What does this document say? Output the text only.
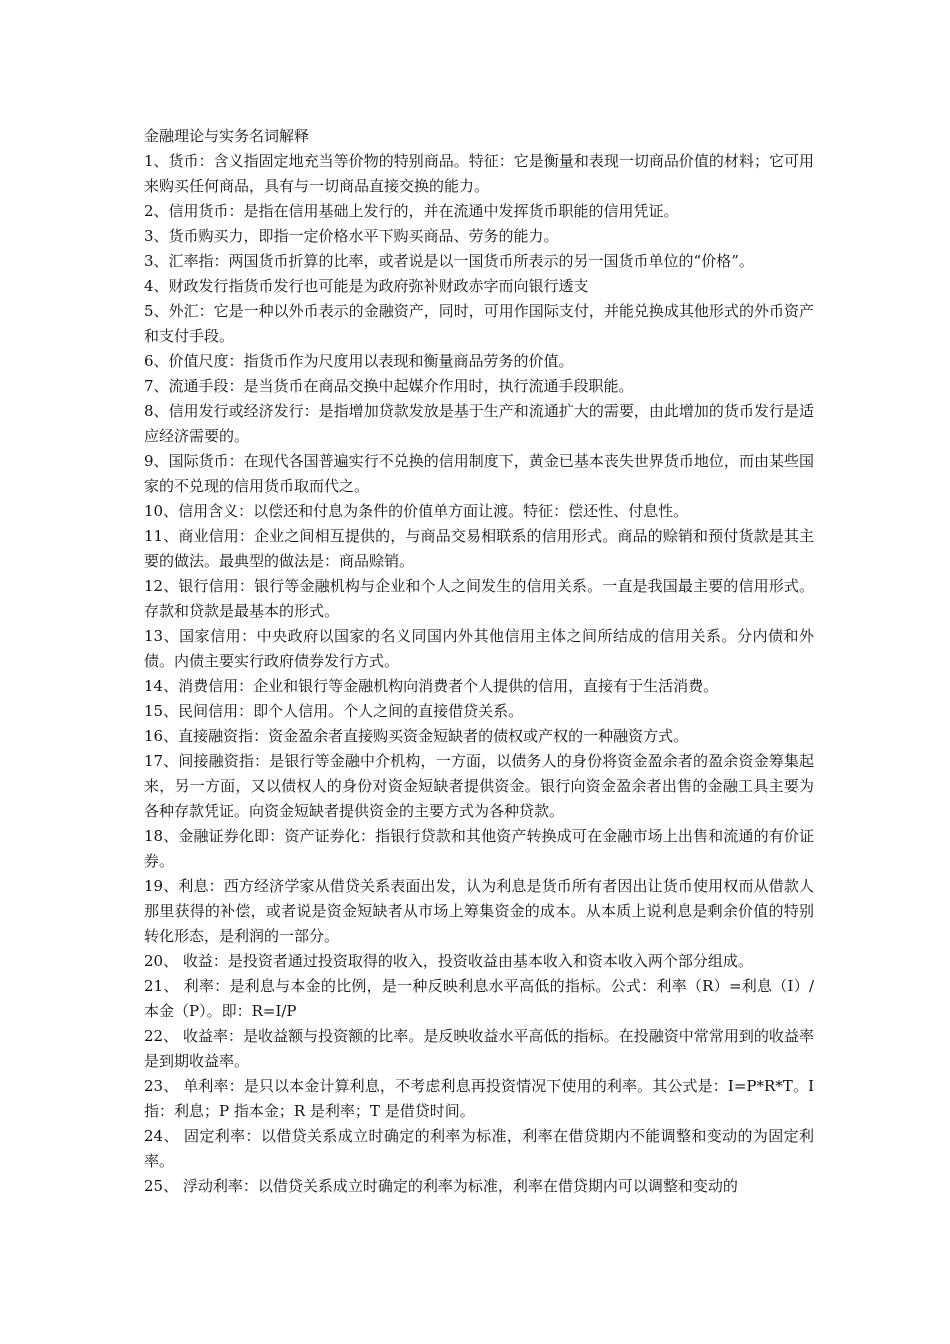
金融理论与实务名词解释

1、货币：含义指固定地充当等价物的特别商品。特征：它是衡量和表现一切商品价值的材料；它可用来购买任何商品，具有与一切商品直接交换的能力。

2、信用货币：是指在信用基础上发行的，并在流通中发挥货币职能的信用凭证。

3、货币购买力，即指一定价格水平下购买商品、劳务的能力。

3、汇率指：两国货币折算的比率，或者说是以一国货币所表示的另一国货币单位的“价格”。

4、财政发行指货币发行也可能是为政府弥补财政赤字而向银行透支

5、外汇：它是一种以外币表示的金融资产，同时，可用作国际支付，并能兑换成其他形式的外币资产和支付手段。

6、价值尺度：指货币作为尺度用以表现和衡量商品劳务的价值。

7、流通手段：是当货币在商品交换中起媒介作用时，执行流通手段职能。

8、信用发行或经济发行：是指增加贷款发放是基于生产和流通扩大的需要，由此增加的货币发行是适应经济需要的。

9、国际货币：在现代各国普遍实行不兑换的信用制度下，黄金已基本丧失世界货币地位，而由某些国家的不兑现的信用货币取而代之。

10、信用含义：以偿还和付息为条件的价值单方面让渡。特征：偿还性、付息性。

11、商业信用：企业之间相互提供的，与商品交易相联系的信用形式。商品的赊销和预付货款是其主要的做法。最典型的做法是：商品赊销。

12、银行信用：银行等金融机构与企业和个人之间发生的信用关系。一直是我国最主要的信用形式。存款和贷款是最基本的形式。

13、国家信用：中央政府以国家的名义同国内外其他信用主体之间所结成的信用关系。分内债和外债。内债主要实行政府债券发行方式。

14、消费信用：企业和银行等金融机构向消费者个人提供的信用，直接有于生活消费。

15、民间信用：即个人信用。个人之间的直接借贷关系。

16、直接融资指：资金盈余者直接购买资金短缺者的债权或产权的一种融资方式。

17、间接融资指：是银行等金融中介机构，一方面，以债务人的身份将资金盈余者的盈余资金筹集起来，另一方面，又以债权人的身份对资金短缺者提供资金。银行向资金盈余者出售的金融工具主要为各种存款凭证。向资金短缺者提供资金的主要方式为各种贷款。

18、金融证券化即：资产证券化：指银行贷款和其他资产转换成可在金融市场上出售和流通的有价证券。

19、利息：西方经济学家从借贷关系表面出发，认为利息是货币所有者因出让货币使用权而从借款人那里获得的补偿，或者说是资金短缺者从市场上筹集资金的成本。从本质上说利息是剩余价值的特别转化形态，是利润的一部分。

20、 收益：是投资者通过投资取得的收入，投资收益由基本收入和资本收入两个部分组成。

21、 利率：是利息与本金的比例，是一种反映利息水平高低的指标。公式：利率（R）=利息（I）/本金（P）。即：R=I/P

22、 收益率：是收益额与投资额的比率。是反映收益水平高低的指标。在投融资中常常用到的收益率是到期收益率。

23、 单利率：是只以本金计算利息，不考虑利息再投资情况下使用的利率。其公式是：I=P*R*T。I 指：利息；P 指本金；R 是利率；T 是借贷时间。

24、 固定利率：以借贷关系成立时确定的利率为标准，利率在借贷期内不能调整和变动的为固定利率。

25、 浮动利率：以借贷关系成立时确定的利率为标准，利率在借贷期内可以调整和变动的
